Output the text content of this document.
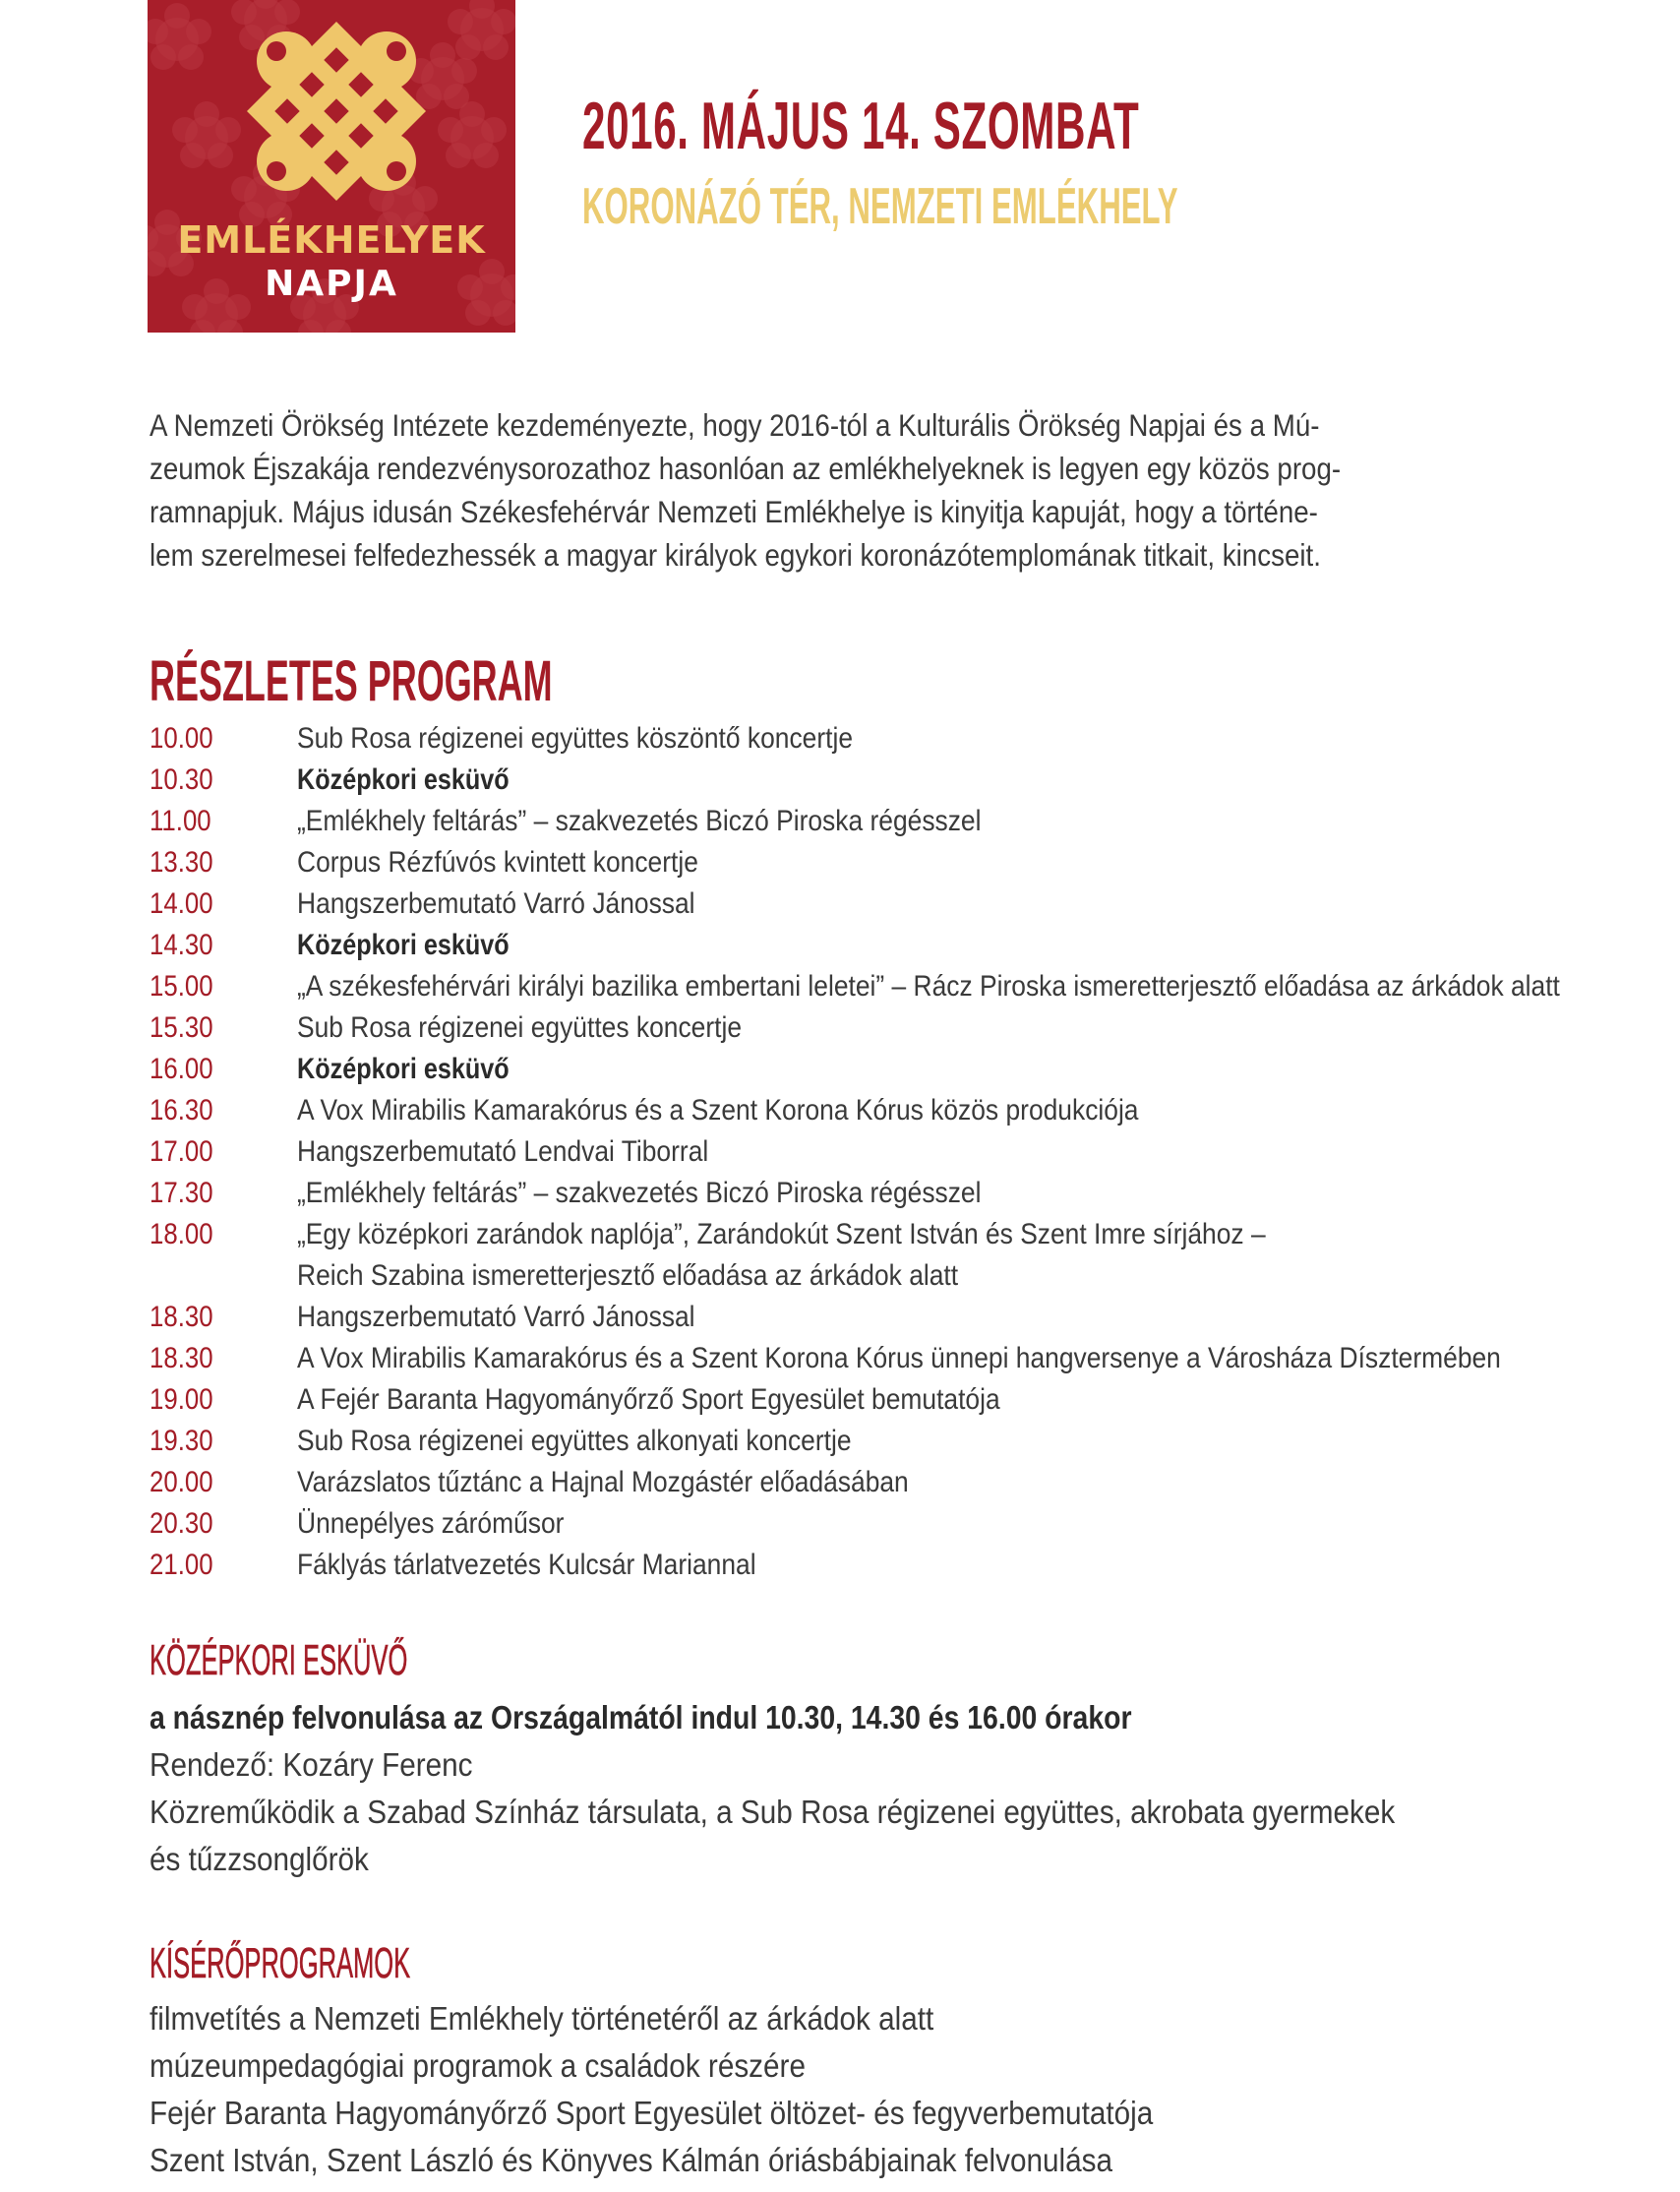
EMLÉKHELYEK
NAPJA
2016. MÁJUS 14. SZOMBAT
KORONÁZÓ TÉR, NEMZETI EMLÉKHELY
A Nemzeti Örökség Intézete kezdeményezte, hogy 2016-tól a Kulturális Örökség Napjai és a Mú-
zeumok Éjszakája rendezvénysorozathoz hasonlóan az emlékhelyeknek is legyen egy közös prog-
ramnapjuk. Május idusán Székesfehérvár Nemzeti Emlékhelye is kinyitja kapuját, hogy a történe-
lem szerelmesei felfedezhessék a magyar királyok egykori koronázótemplomának titkait, kincseit.
RÉSZLETES PROGRAM
10.00	Sub Rosa régizenei együttes köszöntő koncertje
10.30	Középkori esküvő
11.00	„Emlékhely feltárás” – szakvezetés Biczó Piroska régésszel
13.30	Corpus Rézfúvós kvintett koncertje
14.00	Hangszerbemutató Varró Jánossal
14.30	Középkori esküvő
15.00	„A székesfehérvári királyi bazilika embertani leletei” – Rácz Piroska ismeretterjesztő előadása az árkádok alatt
15.30	Sub Rosa régizenei együttes koncertje
16.00	Középkori esküvő
16.30	A Vox Mirabilis Kamarakórus és a Szent Korona Kórus közös produkciója
17.00	Hangszerbemutató Lendvai Tiborral
17.30	„Emlékhely feltárás” – szakvezetés Biczó Piroska régésszel
18.00	„Egy középkori zarándok naplója”, Zarándokút Szent István és Szent Imre sírjához –
Reich Szabina ismeretterjesztő előadása az árkádok alatt
18.30	Hangszerbemutató Varró Jánossal
18.30	A Vox Mirabilis Kamarakórus és a Szent Korona Kórus ünnepi hangversenye a Városháza Dísztermében
19.00	A Fejér Baranta Hagyományőrző Sport Egyesület bemutatója
19.30	Sub Rosa régizenei együttes alkonyati koncertje
20.00	Varázslatos tűztánc a Hajnal Mozgástér előadásában
20.30	Ünnepélyes záróműsor
21.00	Fáklyás tárlatvezetés Kulcsár Mariannal
KÖZÉPKORI ESKÜVŐ
a násznép felvonulása az Országalmától indul 10.30, 14.30 és 16.00 órakor
Rendező: Kozáry Ferenc
Közreműködik a Szabad Színház társulata, a Sub Rosa régizenei együttes, akrobata gyermekek
és tűzzsonglőrök
KÍSÉRŐPROGRAMOK
filmvetítés a Nemzeti Emlékhely történetéről az árkádok alatt
múzeumpedagógiai programok a családok részére
Fejér Baranta Hagyományőrző Sport Egyesület öltözet- és fegyverbemutatója
Szent István, Szent László és Könyves Kálmán óriásbábjainak felvonulása
